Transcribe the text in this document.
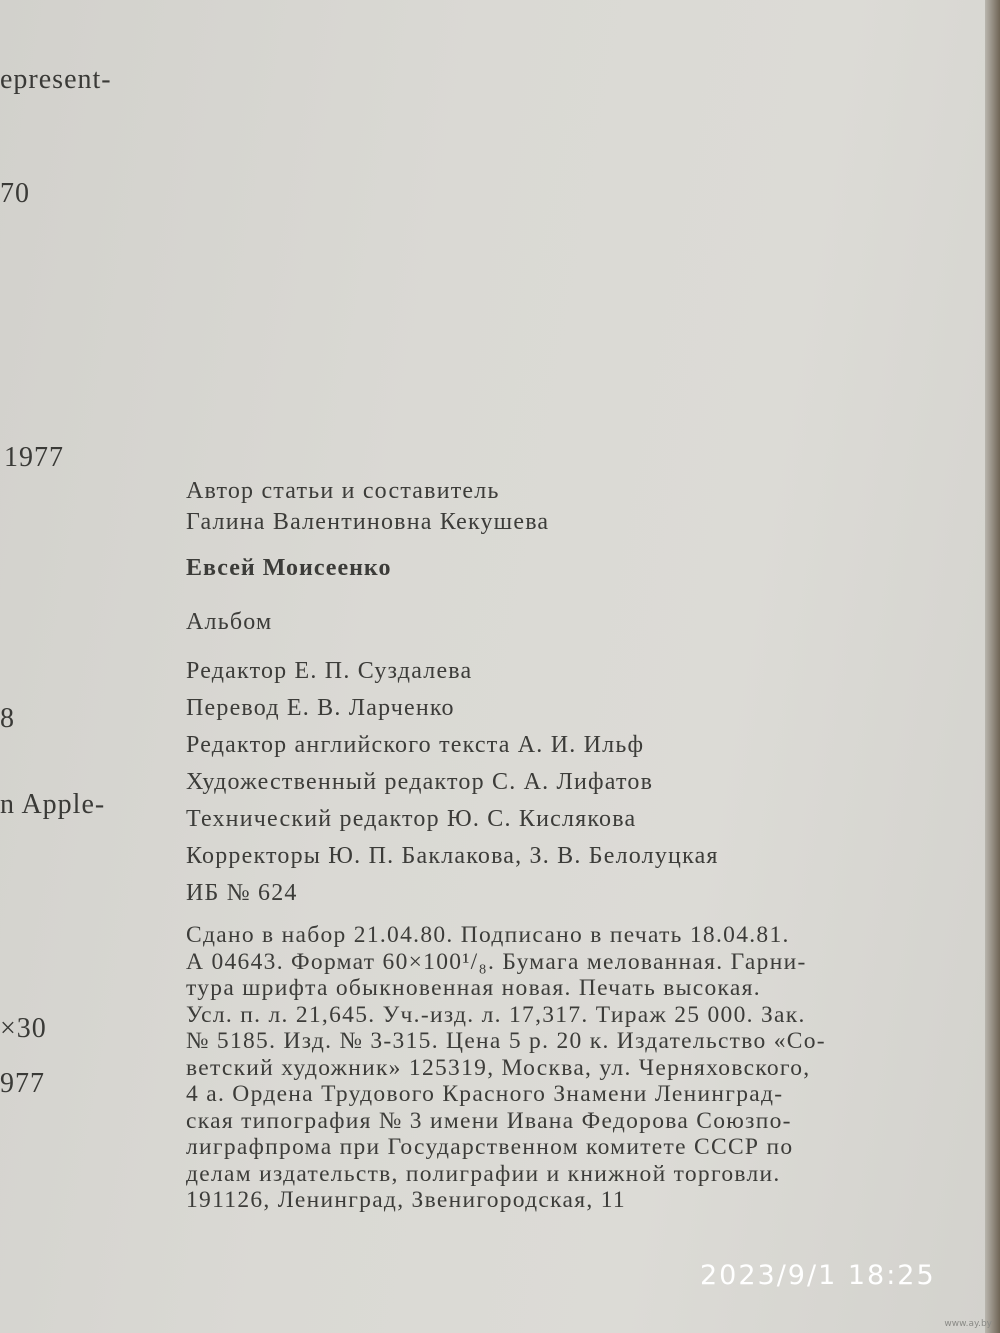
epresent-
70
1977
8
n Apple-
×30
977
Автор статьи и составитель
Галина Валентиновна Кекушева
Евсей Моисеенко
Альбом
Редактор Е. П. Суздалева
Перевод Е. В. Ларченко
Редактор английского текста А. И. Ильф
Художественный редактор С. А. Лифатов
Технический редактор Ю. С. Кислякова
Корректоры Ю. П. Баклакова, З. В. Белолуцкая
ИБ № 624
Сдано в набор 21.04.80. Подписано в печать 18.04.81.
А 04643. Формат 60×100¹/₈. Бумага мелованная. Гарни-
тура шрифта обыкновенная новая. Печать высокая.
Усл. п. л. 21,645. Уч.-изд. л. 17,317. Тираж 25 000. Зак.
№ 5185. Изд. № 3-315. Цена 5 р. 20 к. Издательство «Со-
ветский художник» 125319, Москва, ул. Черняховского,
4 а. Ордена Трудового Красного Знамени Ленинград-
ская типография № 3 имени Ивана Федорова Союзпо-
лиграфпрома при Государственном комитете СССР по
делам издательств, полиграфии и книжной торговли.
191126, Ленинград, Звенигородская, 11
2023/9/1 18:25
www.ay.by
